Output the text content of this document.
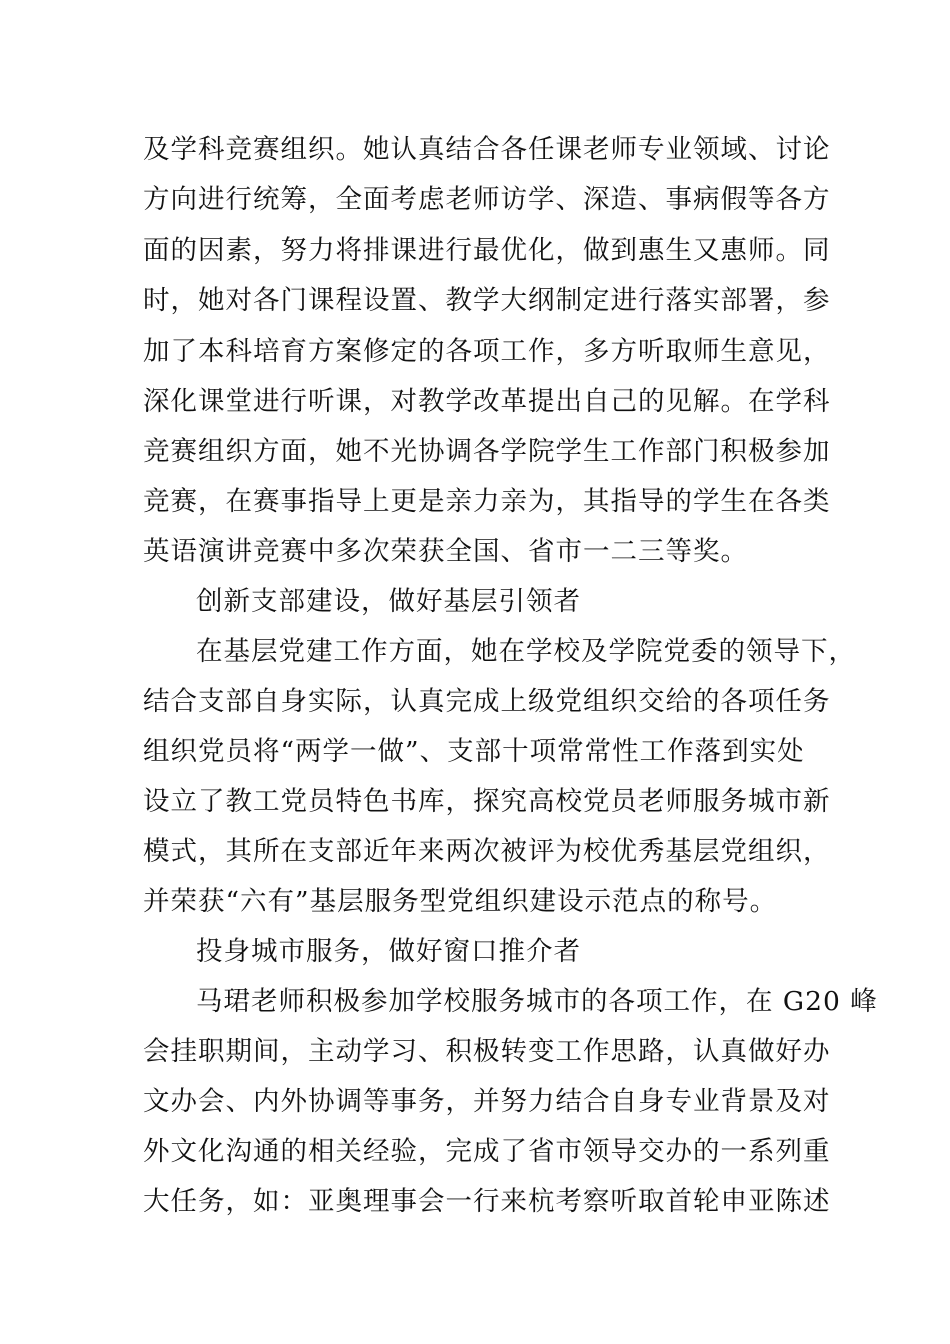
及学科竞赛组织。她认真结合各任课老师专业领域、讨论
方向进行统筹，全面考虑老师访学、深造、事病假等各方
面的因素，努力将排课进行最优化，做到惠生又惠师。同
时，她对各门课程设置、教学大纲制定进行落实部署，参
加了本科培育方案修定的各项工作，多方听取师生意见，
深化课堂进行听课，对教学改革提出自己的见解。在学科
竞赛组织方面，她不光协调各学院学生工作部门积极参加
竞赛，在赛事指导上更是亲力亲为，其指导的学生在各类
英语演讲竞赛中多次荣获全国、省市一二三等奖。
创新支部建设，做好基层引领者
在基层党建工作方面，她在学校及学院党委的领导下，
结合支部自身实际，认真完成上级党组织交给的各项任务
组织党员将“两学一做”、支部十项常常性工作落到实处
设立了教工党员特色书库，探究高校党员老师服务城市新
模式，其所在支部近年来两次被评为校优秀基层党组织，
并荣获“六有”基层服务型党组织建设示范点的称号。
投身城市服务，做好窗口推介者
马珺老师积极参加学校服务城市的各项工作，在 G20 峰
会挂职期间，主动学习、积极转变工作思路，认真做好办
文办会、内外协调等事务，并努力结合自身专业背景及对
外文化沟通的相关经验，完成了省市领导交办的一系列重
大任务，如：亚奥理事会一行来杭考察听取首轮申亚陈述
